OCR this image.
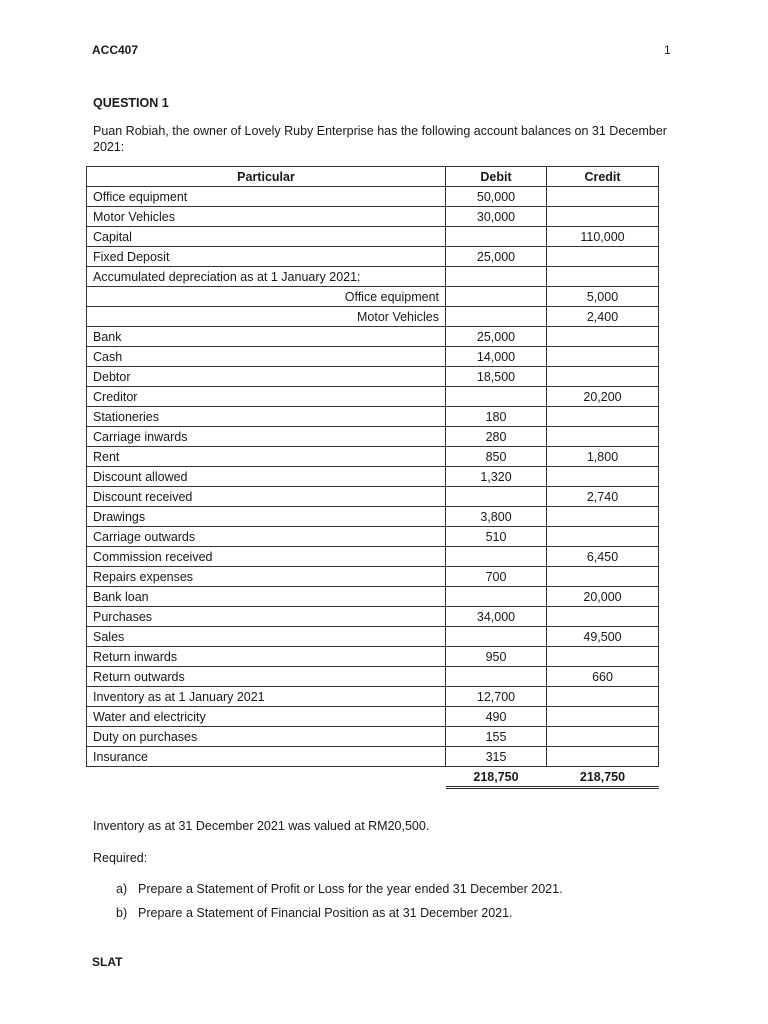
ACC407	1
QUESTION 1
Puan Robiah, the owner of Lovely Ruby Enterprise has the following account balances on 31 December 2021:
Particular	Debit	Credit
Office equipment	50,000	
Motor Vehicles	30,000	
Capital		110,000
Fixed Deposit	25,000	
Accumulated depreciation as at 1 January 2021:		
Office equipment		5,000
Motor Vehicles		2,400
Bank	25,000	
Cash	14,000	
Debtor	18,500	
Creditor		20,200
Stationeries	180	
Carriage inwards	280	
Rent	850	1,800
Discount allowed	1,320	
Discount received		2,740
Drawings	3,800	
Carriage outwards	510	
Commission received		6,450
Repairs expenses	700	
Bank loan		20,000
Purchases	34,000	
Sales		49,500
Return inwards	950	
Return outwards		660
Inventory as at 1 January 2021	12,700	
Water and electricity	490	
Duty on purchases	155	
Insurance	315	
	218,750	218,750
Inventory as at 31 December 2021 was valued at RM20,500.
Required:
a) Prepare a Statement of Profit or Loss for the year ended 31 December 2021.
b) Prepare a Statement of Financial Position as at 31 December 2021.
SLAT
